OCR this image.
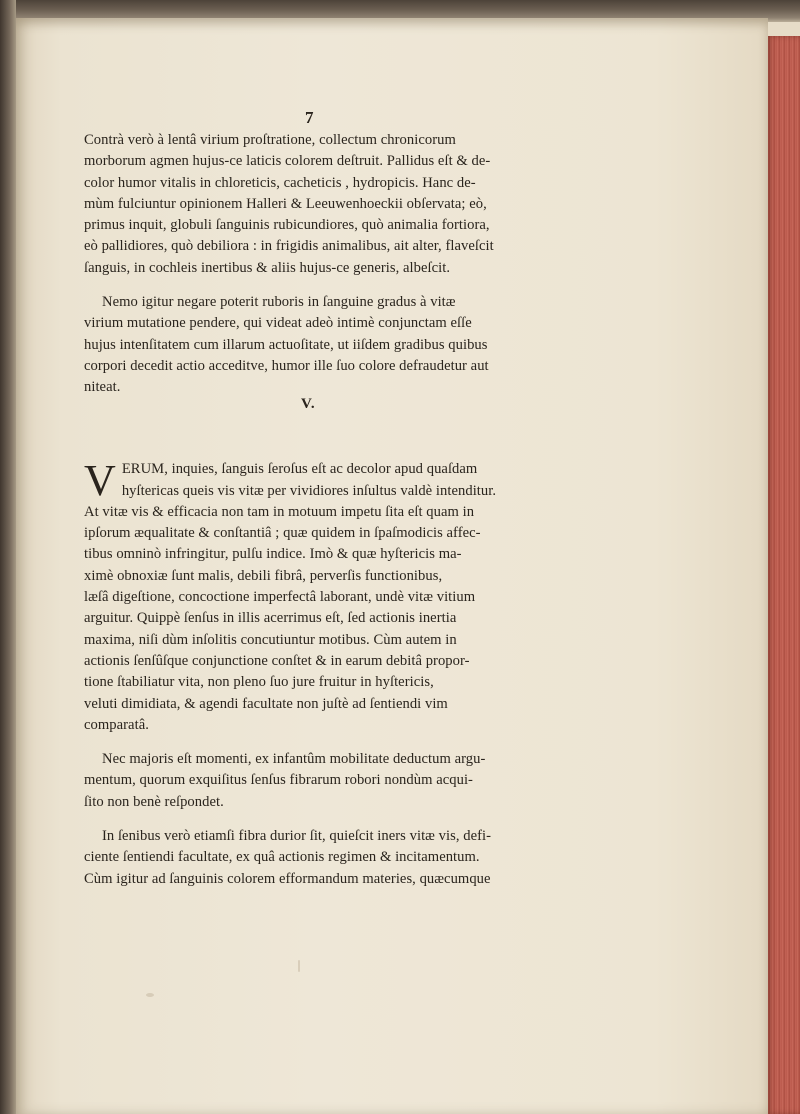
7

Contrà verò à lentâ virium proſtratione, collectum chronicorum
morborum agmen hujus-ce laticis colorem deſtruit. Pallidus eſt & de-
color humor vitalis in chloreticis, cacheticis , hydropicis. Hanc de-
mùm fulciuntur opinionem Halleri & Leeuwenhoeckii obſervata; eò,
primus inquit, globuli ſanguinis rubicundiores, quò animalia fortiora,
eò pallidiores, quò debiliora : in frigidis animalibus, ait alter, flaveſcit
ſanguis, in cochleis inertibus & aliis hujus-ce generis, albeſcit.

Nemo igitur negare poterit ruboris in ſanguine gradus à vitæ
virium mutatione pendere, qui videat adeò intimè conjunctam eſſe
hujus intenſitatem cum illarum actuoſitate, ut iiſdem gradibus quibus
corpori decedit actio acceditve, humor ille ſuo colore defraudetur aut
niteat.

V.

VERUM, inquies, ſanguis ſeroſus eſt ac decolor apud quaſdam
hyſtericas queis vis vitæ per vividiores inſultus valdè intenditur.
At vitæ vis & efficacia non tam in motuum impetu ſita eſt quam in
ipſorum æqualitate & conſtantiâ ; quæ quidem in ſpaſmodicis affec-
tibus omninò infringitur, pulſu indice. Imò & quæ hyſtericis ma-
ximè obnoxiæ ſunt malis, debili fibrâ, perverſis functionibus,
læſâ digeſtione, concoctione imperfectâ laborant, undè vitæ vitium
arguitur. Quippè ſenſus in illis acerrimus eſt, ſed actionis inertia
maxima, niſi dùm inſolitis concutiuntur motibus. Cùm autem in
actionis ſenſûſque conjunctione conſtet & in earum debitâ propor-
tione ſtabiliatur vita, non pleno ſuo jure fruitur in hyſtericis,
veluti dimidiata, & agendi facultate non juſtè ad ſentiendi vim
comparatâ.

Nec majoris eſt momenti, ex infantûm mobilitate deductum argu-
mentum, quorum exquiſitus ſenſus fibrarum robori nondùm acqui-
ſito non benè reſpondet.

In ſenibus verò etiamſi fibra durior ſit, quieſcit iners vitæ vis, defi-
ciente ſentiendi facultate, ex quâ actionis regimen & incitamentum.
Cùm igitur ad ſanguinis colorem efformandum materies, quæcumque
